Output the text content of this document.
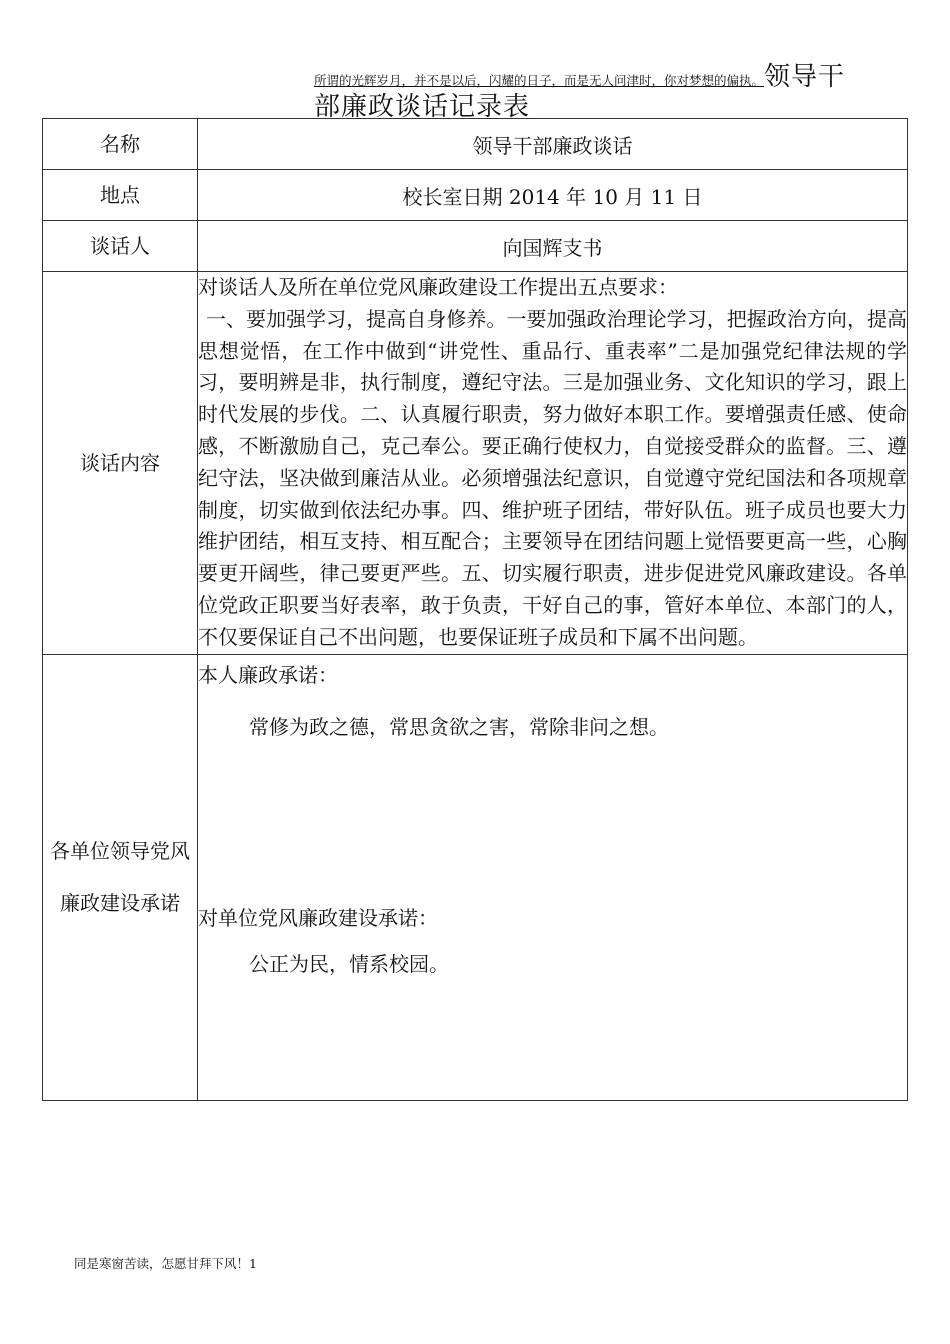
所谓的光辉岁月，并不是以后，闪耀的日子，而是无人问津时，你对梦想的偏执。领导干
部廉政谈话记录表
名称	领导干部廉政谈话
地点	校长室日期 2014 年 10 月 11 日
谈话人	向国辉支书
谈话内容	对谈话人及所在单位党风廉政建设工作提出五点要求：

一、要加强学习，提高自身修养。一要加强政治理论学习，把握政治方向，提高思想觉悟，在工作中做到“讲党性、重品行、重表率”二是加强党纪律法规的学习，要明辨是非，执行制度，遵纪守法。三是加强业务、文化知识的学习，跟上时代发展的步伐。二、认真履行职责，努力做好本职工作。要增强责任感、使命感，不断激励自己，克己奉公。要正确行使权力，自觉接受群众的监督。三、遵纪守法，坚决做到廉洁从业。必须增强法纪意识，自觉遵守党纪国法和各项规章制度，切实做到依法纪办事。四、维护班子团结，带好队伍。班子成员也要大力维护团结，相互支持、相互配合；主要领导在团结问题上觉悟要更高一些，心胸要更开阔些，律己要更严些。五、切实履行职责，进步促进党风廉政建设。各单位党政正职要当好表率，敢于负责，干好自己的事，管好本单位、本部门的人，不仅要保证自己不出问题，也要保证班子成员和下属不出问题。

各单位领导党风廉政建设承诺	本人廉政承诺：

常修为政之德，常思贪欲之害，常除非问之想。

对单位党风廉政建设承诺：

公正为民，情系校园。

同是寒窗苦读，怎愿甘拜下风！1
